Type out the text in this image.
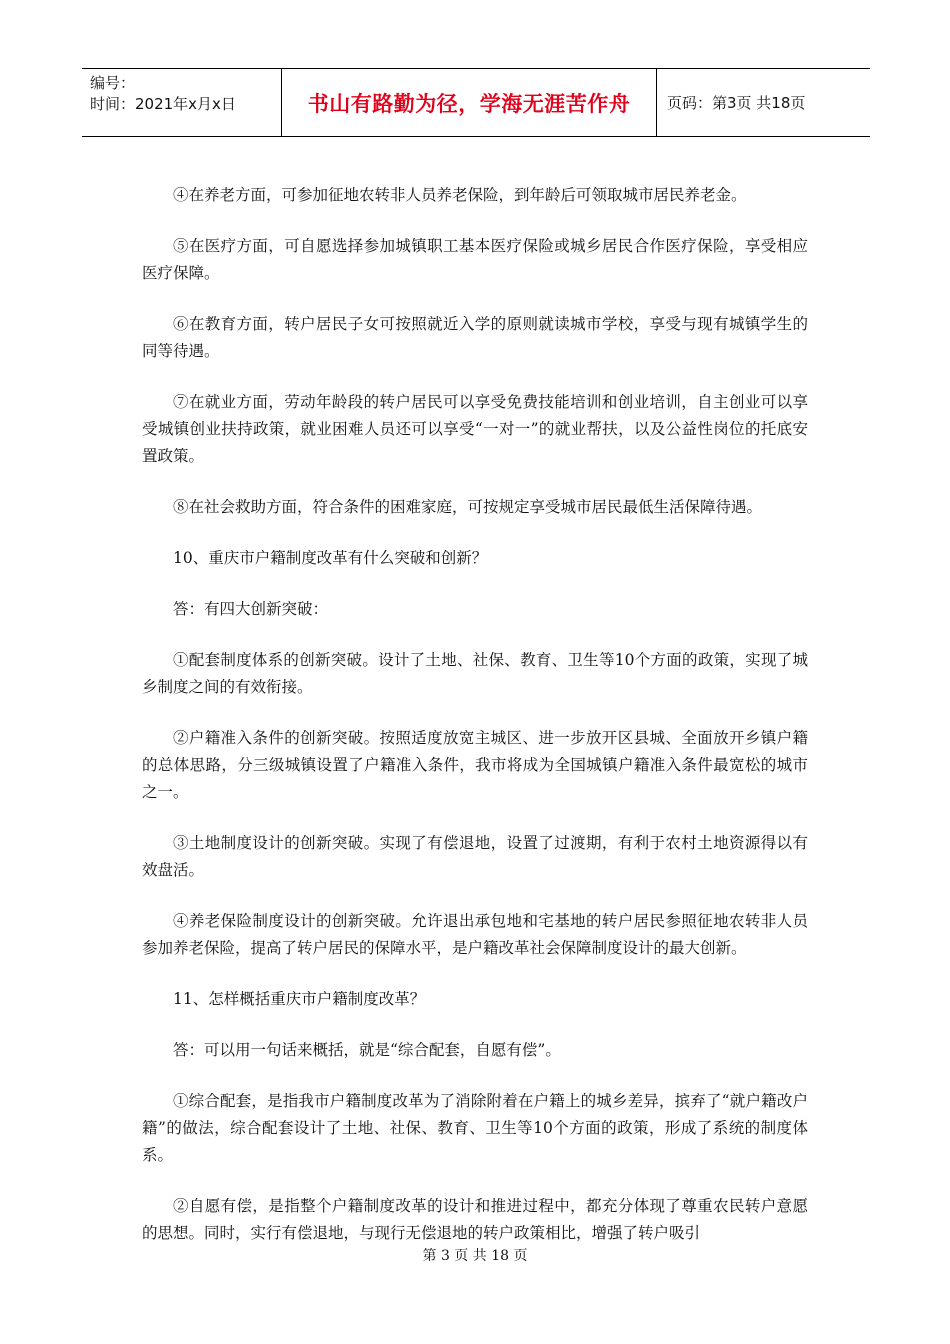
编号：
时间：2021年x月x日	书山有路勤为径，学海无涯苦作舟 页码：第3页 共18页

④在养老方面，可参加征地农转非人员养老保险，到年龄后可领取城市居民养老金。

⑤在医疗方面，可自愿选择参加城镇职工基本医疗保险或城乡居民合作医疗保险，享受相应医疗保障。

⑥在教育方面，转户居民子女可按照就近入学的原则就读城市学校，享受与现有城镇学生的同等待遇。

⑦在就业方面，劳动年龄段的转户居民可以享受免费技能培训和创业培训，自主创业可以享受城镇创业扶持政策，就业困难人员还可以享受“一对一”的就业帮扶，以及公益性岗位的托底安置政策。

⑧在社会救助方面，符合条件的困难家庭，可按规定享受城市居民最低生活保障待遇。

10、重庆市户籍制度改革有什么突破和创新？

答：有四大创新突破：

①配套制度体系的创新突破。设计了土地、社保、教育、卫生等10个方面的政策，实现了城乡制度之间的有效衔接。

②户籍准入条件的创新突破。按照适度放宽主城区、进一步放开区县城、全面放开乡镇户籍的总体思路，分三级城镇设置了户籍准入条件，我市将成为全国城镇户籍准入条件最宽松的城市之一。

③土地制度设计的创新突破。实现了有偿退地，设置了过渡期，有利于农村土地资源得以有效盘活。

④养老保险制度设计的创新突破。允许退出承包地和宅基地的转户居民参照征地农转非人员参加养老保险，提高了转户居民的保障水平，是户籍改革社会保障制度设计的最大创新。

11、怎样概括重庆市户籍制度改革？

答：可以用一句话来概括，就是“综合配套，自愿有偿”。

①综合配套，是指我市户籍制度改革为了消除附着在户籍上的城乡差异，摈弃了“就户籍改户籍”的做法，综合配套设计了土地、社保、教育、卫生等10个方面的政策，形成了系统的制度体系。

②自愿有偿，是指整个户籍制度改革的设计和推进过程中，都充分体现了尊重农民转户意愿的思想。同时，实行有偿退地，与现行无偿退地的转户政策相比，增强了转户吸引

第 3 页 共 18 页
